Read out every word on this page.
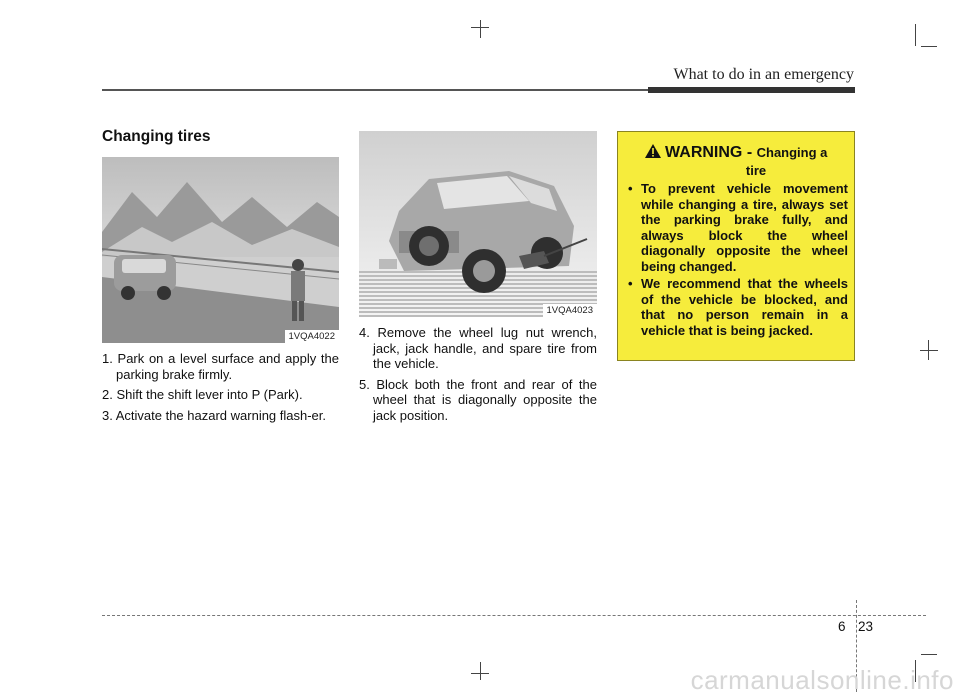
What to do in an emergency
Changing tires
1VQA4022
1VQA4023
1. Park on a level surface and apply the parking brake firmly.
2. Shift the shift lever into P (Park).
3. Activate the hazard warning flash-er.
4. Remove the wheel lug nut wrench, jack, jack handle, and spare tire from the vehicle.
5. Block both the front and rear of the wheel that is diagonally opposite the jack position.
WARNING - Changing a
tire
• To prevent vehicle movement while changing a tire, always set the parking brake fully, and always block the wheel diagonally opposite the wheel being changed.
• We recommend that the wheels of the vehicle be blocked, and that no person remain in a vehicle that is being jacked.
6 23
carmanualsonline.info
